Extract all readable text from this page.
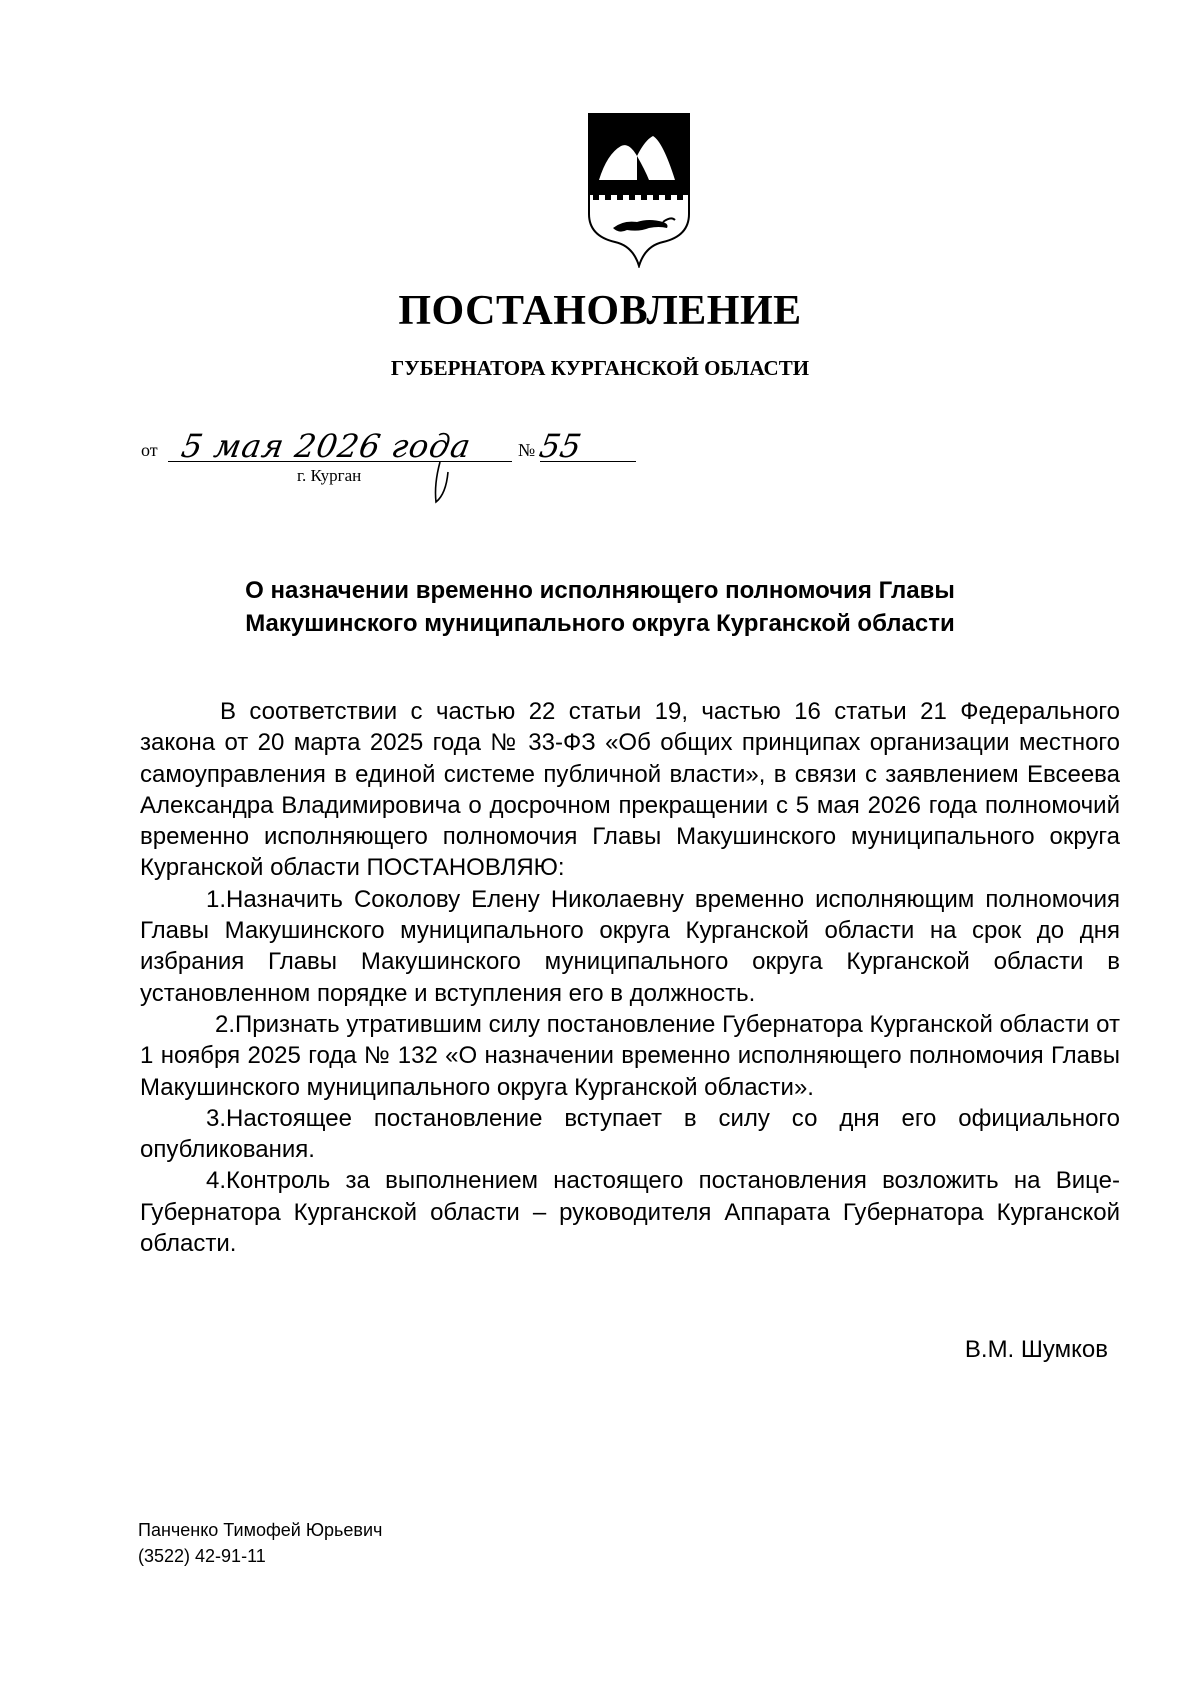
ПОСТАНОВЛЕНИЕ
ГУБЕРНАТОРА КУРГАНСКОЙ ОБЛАСТИ
от 5 мая 2026 года № 55
г. Курган
О назначении временно исполняющего полномочия Главы
Макушинского муниципального округа Курганской области

В соответствии с частью 22 статьи 19, частью 16 статьи 21 Федерального закона от 20 марта 2025 года № 33-ФЗ «Об общих принципах организации местного самоуправления в единой системе публичной власти», в связи с заявлением Евсеева Александра Владимировича о досрочном прекращении с 5 мая 2026 года полномочий временно исполняющего полномочия Главы Макушинского муниципального округа Курганской области ПОСТАНОВЛЯЮ:

1.Назначить Соколову Елену Николаевну временно исполняющим полномочия Главы Макушинского муниципального округа Курганской области на срок до дня избрания Главы Макушинского муниципального округа Курганской области в установленном порядке и вступления его в должность.

2.Признать утратившим силу постановление Губернатора Курганской области от 1 ноября 2025 года № 132 «О назначении временно исполняющего полномочия Главы Макушинского муниципального округа Курганской области».

3.Настоящее постановление вступает в силу со дня его официального опубликования.

4.Контроль за выполнением настоящего постановления возложить на Вице-Губернатора Курганской области – руководителя Аппарата Губернатора Курганской области.

В.М. Шумков
Панченко Тимофей Юрьевич
(3522) 42-91-11
